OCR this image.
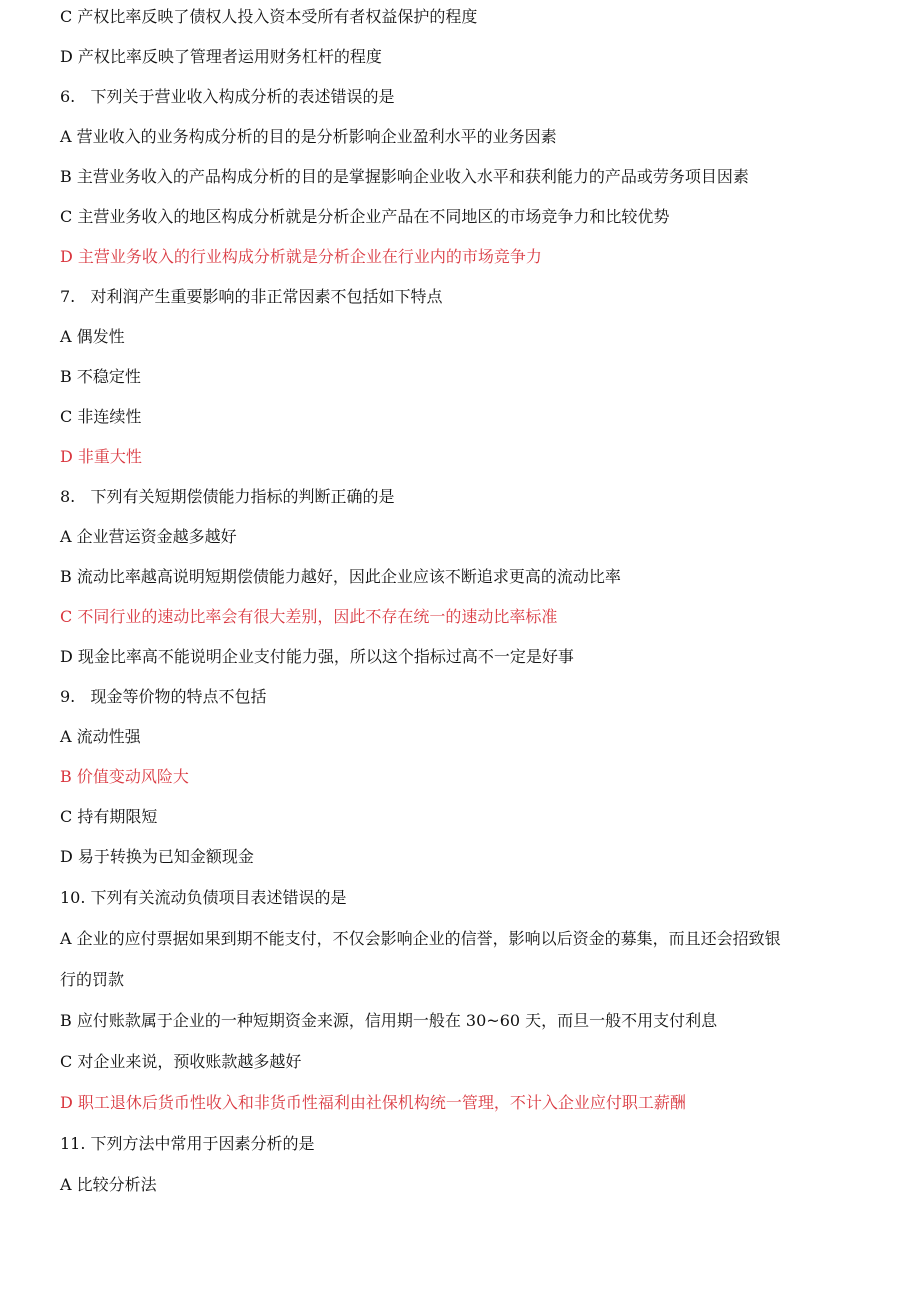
C 产权比率反映了债权人投入资本受所有者权益保护的程度
D 产权比率反映了管理者运用财务杠杆的程度
6.   下列关于营业收入构成分析的表述错误的是
A 营业收入的业务构成分析的目的是分析影响企业盈利水平的业务因素
B 主营业务收入的产品构成分析的目的是掌握影响企业收入水平和获利能力的产品或劳务项目因素
C 主营业务收入的地区构成分析就是分析企业产品在不同地区的市场竞争力和比较优势
D 主营业务收入的行业构成分析就是分析企业在行业内的市场竞争力
7.   对利润产生重要影响的非正常因素不包括如下特点
A 偶发性
B 不稳定性
C 非连续性
D 非重大性
8.   下列有关短期偿债能力指标的判断正确的是
A 企业营运资金越多越好
B 流动比率越高说明短期偿债能力越好，因此企业应该不断追求更高的流动比率
C 不同行业的速动比率会有很大差别，因此不存在统一的速动比率标准
D 现金比率高不能说明企业支付能力强，所以这个指标过高不一定是好事
9.   现金等价物的特点不包括
A 流动性强
B 价值变动风险大
C 持有期限短
D 易于转换为已知金额现金
10. 下列有关流动负债项目表述错误的是
A 企业的应付票据如果到期不能支付，不仅会影响企业的信誉，影响以后资金的募集，而且还会招致银
行的罚款
B 应付账款属于企业的一种短期资金来源，信用期一般在 30~60 天，而旦一般不用支付利息
C 对企业来说，预收账款越多越好
D 职工退休后货币性收入和非货币性福利由社保机构统一管理，不计入企业应付职工薪酬
11. 下列方法中常用于因素分析的是
A 比较分析法
